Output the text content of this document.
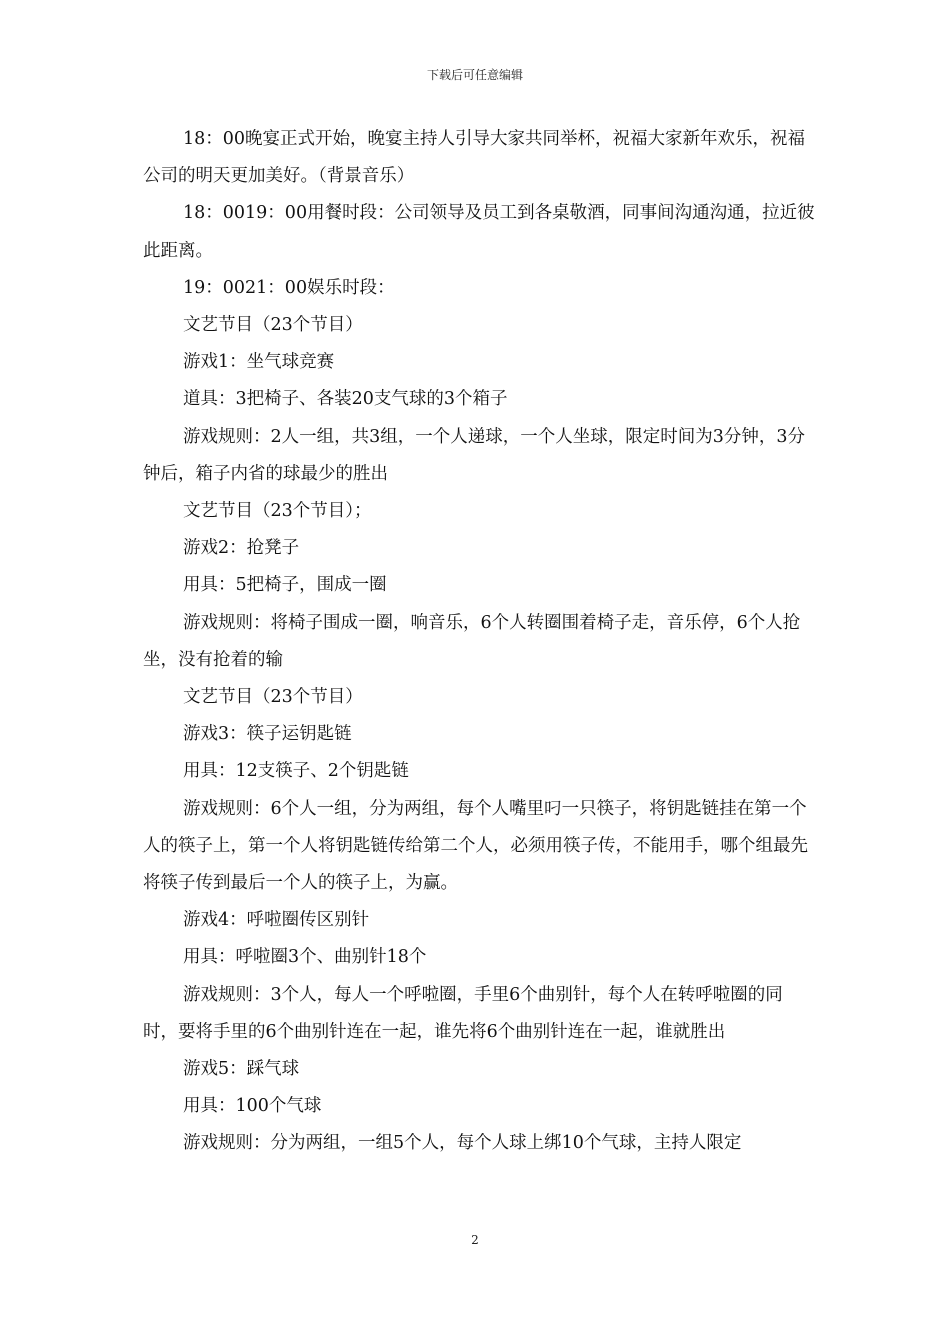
下载后可任意编辑

18：00晚宴正式开始，晚宴主持人引导大家共同举杯，祝福大家新年欢乐，祝福公司的明天更加美好。（背景音乐）

18：0019：00用餐时段：公司领导及员工到各桌敬酒，同事间沟通沟通，拉近彼此距离。

19：0021：00娱乐时段：

文艺节目（23个节目）

游戏1：坐气球竞赛

道具：3把椅子、各装20支气球的3个箱子

游戏规则：2人一组，共3组，一个人递球，一个人坐球，限定时间为3分钟，3分钟后，箱子内省的球最少的胜出

文艺节目（23个节目）；

游戏2：抢凳子

用具：5把椅子，围成一圈

游戏规则：将椅子围成一圈，响音乐，6个人转圈围着椅子走，音乐停，6个人抢坐，没有抢着的输

文艺节目（23个节目）

游戏3：筷子运钥匙链

用具：12支筷子、2个钥匙链

游戏规则：6个人一组，分为两组，每个人嘴里叼一只筷子，将钥匙链挂在第一个人的筷子上，第一个人将钥匙链传给第二个人，必须用筷子传，不能用手，哪个组最先将筷子传到最后一个人的筷子上，为赢。

游戏4：呼啦圈传区别针

用具：呼啦圈3个、曲别针18个

游戏规则：3个人，每人一个呼啦圈，手里6个曲别针，每个人在转呼啦圈的同时，要将手里的6个曲别针连在一起，谁先将6个曲别针连在一起，谁就胜出

游戏5：踩气球

用具：100个气球

游戏规则：分为两组，一组5个人，每个人球上绑10个气球，主持人限定

2
